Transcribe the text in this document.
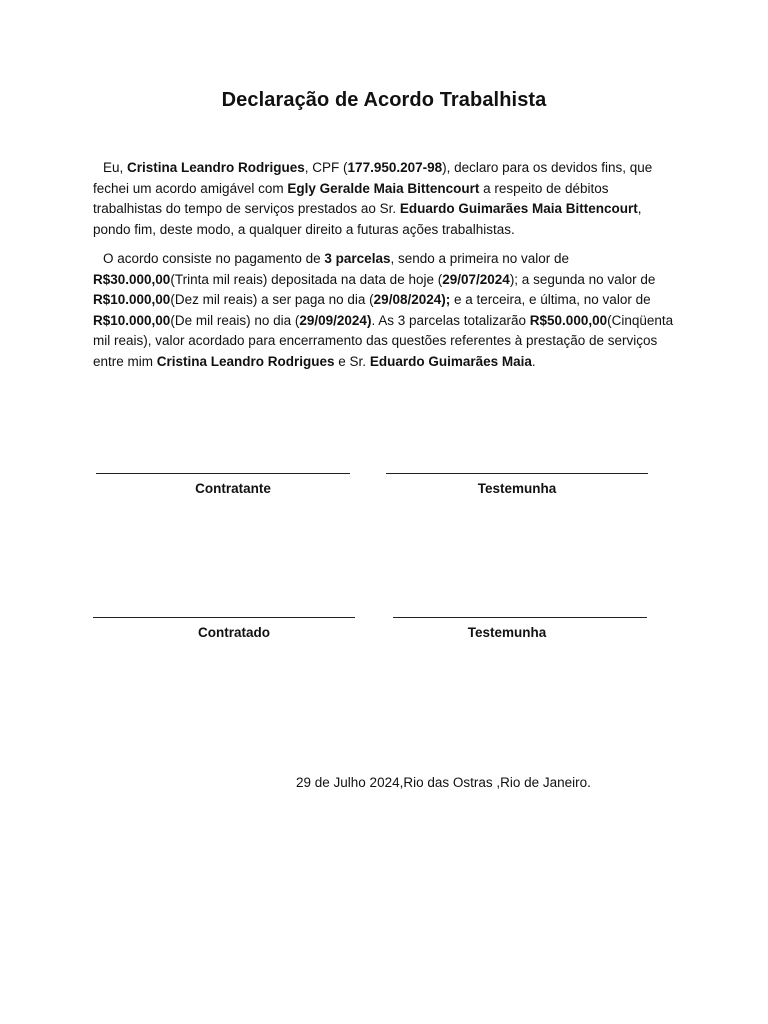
Declaração de Acordo Trabalhista
Eu, Cristina Leandro Rodrigues, CPF (177.950.207-98), declaro para os devidos fins, que fechei um acordo amigável com Egly Geralde Maia Bittencourt a respeito de débitos trabalhistas do tempo de serviços prestados ao Sr. Eduardo Guimarães Maia Bittencourt, pondo fim, deste modo, a qualquer direito a futuras ações trabalhistas.
O acordo consiste no pagamento de 3 parcelas, sendo a primeira no valor de R$30.000,00(Trinta mil reais) depositada na data de hoje (29/07/2024); a segunda no valor de R$10.000,00(Dez mil reais) a ser paga no dia (29/08/2024); e a terceira, e última, no valor de R$10.000,00(De mil reais) no dia (29/09/2024). As 3 parcelas totalizarão R$50.000,00(Cinqüenta mil reais), valor acordado para encerramento das questões referentes à prestação de serviços entre mim Cristina Leandro Rodrigues e Sr. Eduardo Guimarães Maia.
Contratante	Testemunha
Contratado	Testemunha
29 de Julho 2024,Rio das Ostras ,Rio de Janeiro.
